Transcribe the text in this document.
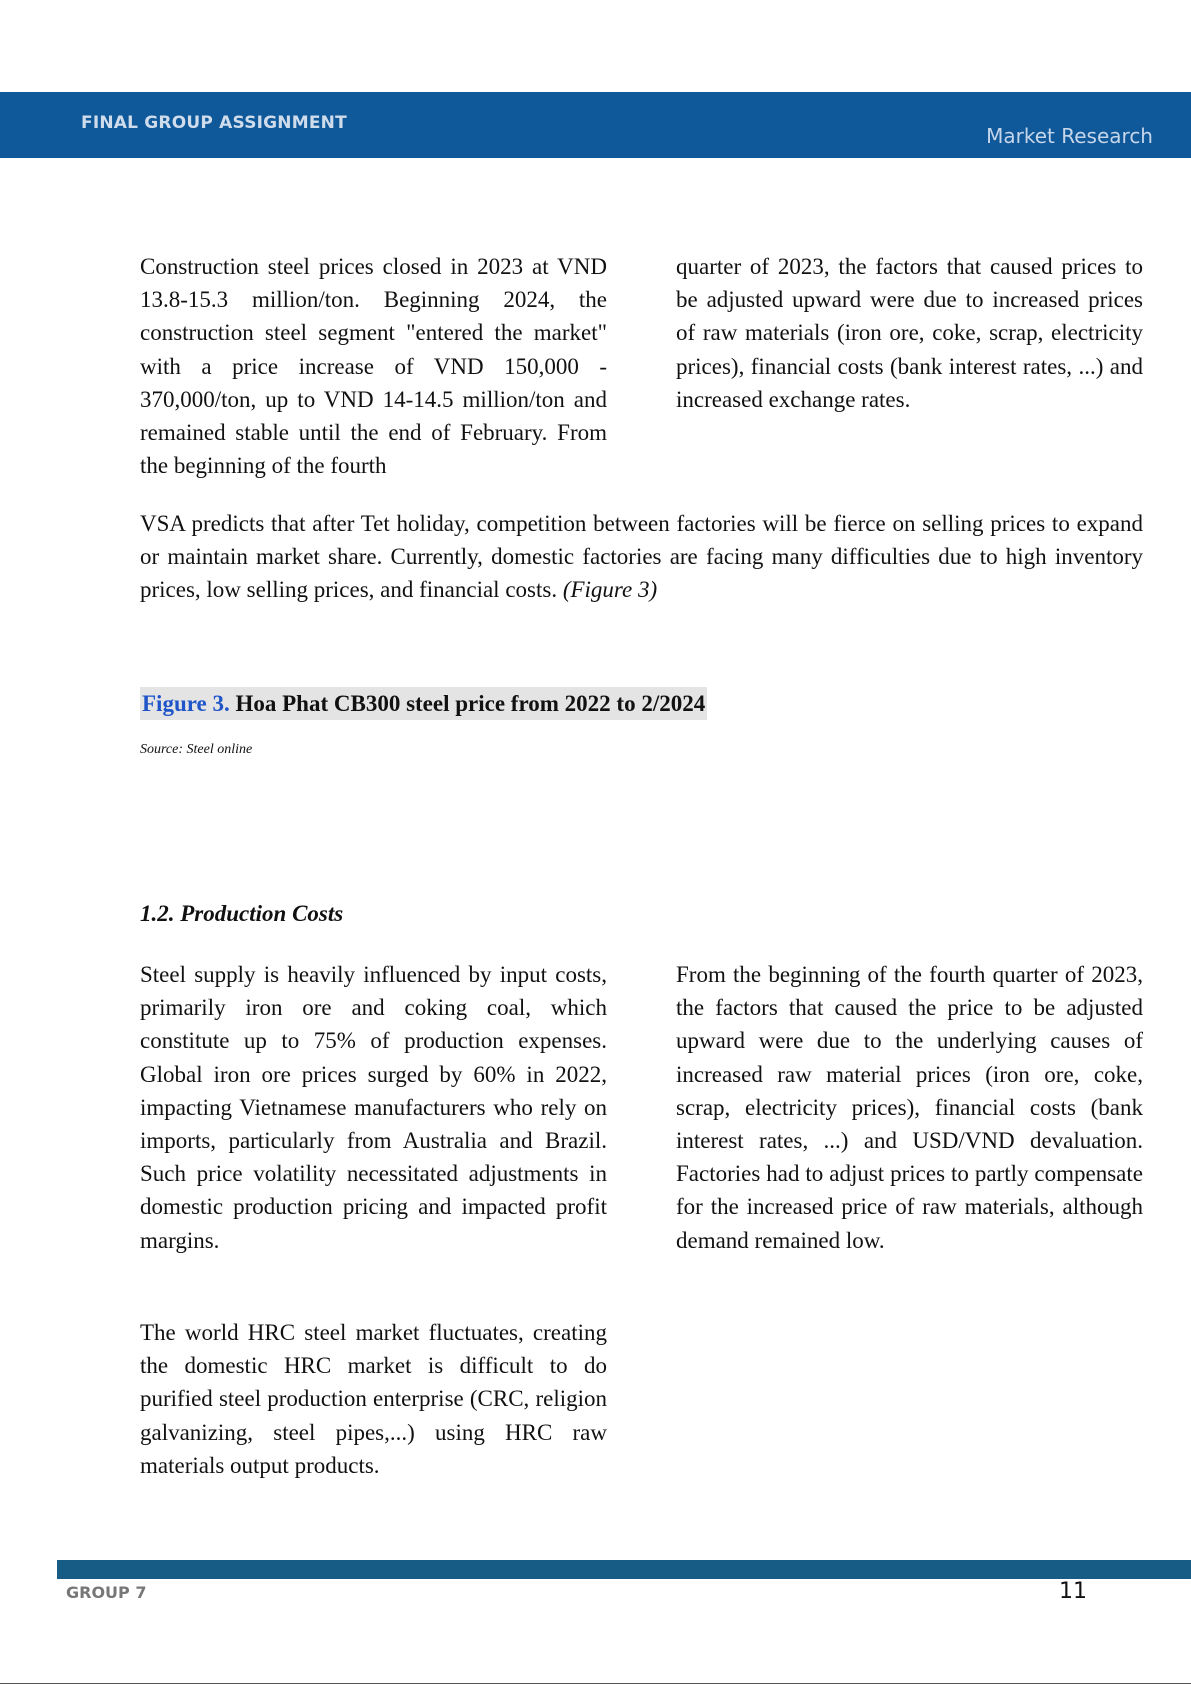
FINAL GROUP ASSIGNMENT
Market Research

Construction steel prices closed in 2023 at VND 13.8-15.3 million/ton. Beginning 2024, the construction steel segment "entered the market" with a price increase of VND 150,000 - 370,000/ton, up to VND 14-14.5 million/ton and remained stable until the end of February. From the beginning of the fourth

quarter of 2023, the factors that caused prices to be adjusted upward were due to increased prices of raw materials (iron ore, coke, scrap, electricity prices), financial costs (bank interest rates, ...) and increased exchange rates.

VSA predicts that after Tet holiday, competition between factories will be fierce on selling prices to expand or maintain market share. Currently, domestic factories are facing many difficulties due to high inventory prices, low selling prices, and financial costs. (Figure 3)

Figure 3. Hoa Phat CB300 steel price from 2022 to 2/2024
Source: Steel online

1.2. Production Costs

Steel supply is heavily influenced by input costs, primarily iron ore and coking coal, which constitute up to 75% of production expenses. Global iron ore prices surged by 60% in 2022, impacting Vietnamese manufacturers who rely on imports, particularly from Australia and Brazil. Such price volatility necessitated adjustments in domestic production pricing and impacted profit margins.

The world HRC steel market fluctuates, creating the domestic HRC market is difficult to do purified steel production enterprise (CRC, religion galvanizing, steel pipes,...) using HRC raw materials output products.

From the beginning of the fourth quarter of 2023, the factors that caused the price to be adjusted upward were due to the underlying causes of increased raw material prices (iron ore, coke, scrap, electricity prices), financial costs (bank interest rates, ...) and USD/VND devaluation. Factories had to adjust prices to partly compensate for the increased price of raw materials, although demand remained low.

GROUP 7	11
